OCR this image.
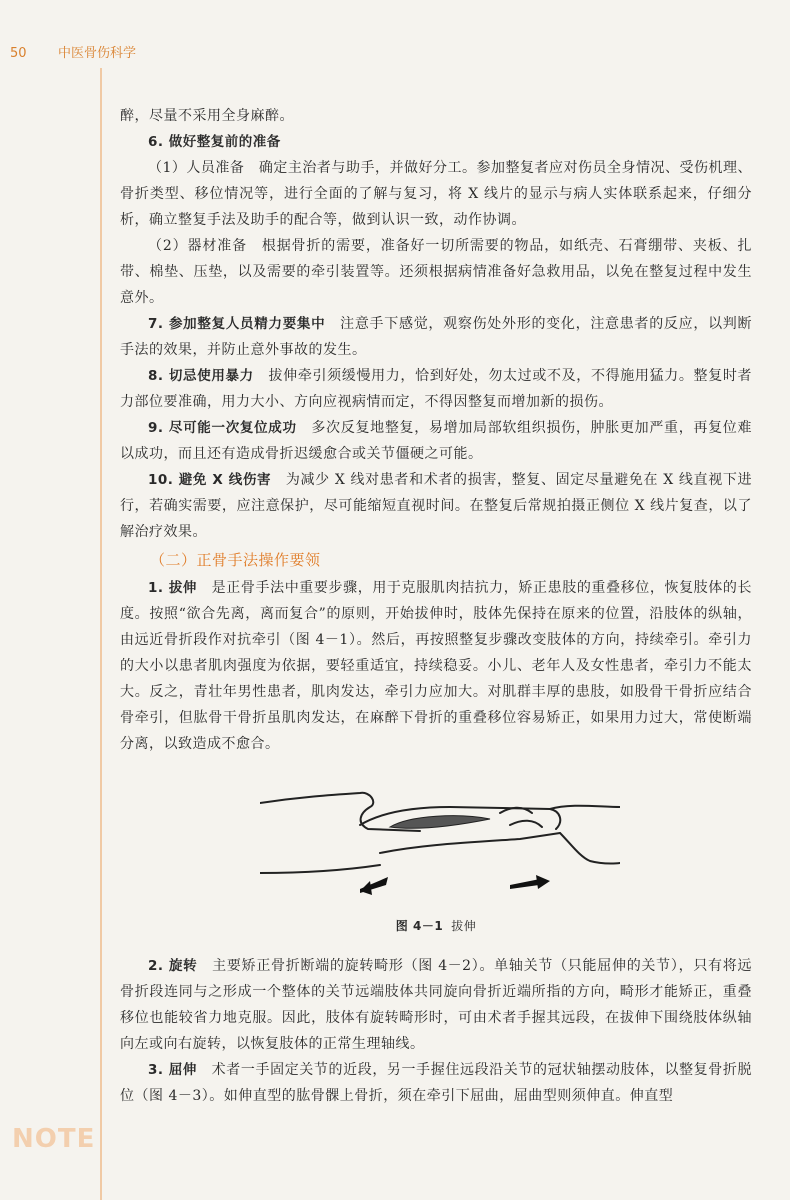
50 中医骨伤科学

醉，尽量不采用全身麻醉。

6. 做好整复前的准备

（1）人员准备　确定主治者与助手，并做好分工。参加整复者应对伤员全身情况、受伤机理、骨折类型、移位情况等，进行全面的了解与复习，将 X 线片的显示与病人实体联系起来，仔细分析，确立整复手法及助手的配合等，做到认识一致，动作协调。

（2）器材准备　根据骨折的需要，准备好一切所需要的物品，如纸壳、石膏绷带、夹板、扎带、棉垫、压垫，以及需要的牵引装置等。还须根据病情准备好急救用品，以免在整复过程中发生意外。

7. 参加整复人员精力要集中　 注意手下感觉，观察伤处外形的变化，注意患者的反应，以判断手法的效果，并防止意外事故的发生。

8. 切忌使用暴力　 拔伸牵引须缓慢用力，恰到好处，勿太过或不及，不得施用猛力。整复时者力部位要准确，用力大小、方向应视病情而定，不得因整复而增加新的损伤。

9. 尽可能一次复位成功　 多次反复地整复，易增加局部软组织损伤，肿胀更加严重，再复位难以成功，而且还有造成骨折迟缓愈合或关节僵硬之可能。

10. 避免 X 线伤害　 为减少 X 线对患者和术者的损害，整复、固定尽量避免在 X 线直视下进行，若确实需要，应注意保护，尽可能缩短直视时间。在整复后常规拍摄正侧位 X 线片复查，以了解治疗效果。

（二）正骨手法操作要领

1. 拔伸　 是正骨手法中重要步骤，用于克服肌肉拮抗力，矫正患肢的重叠移位，恢复肢体的长度。按照“欲合先离，离而复合”的原则，开始拔伸时，肢体先保持在原来的位置，沿肢体的纵轴，由远近骨折段作对抗牵引（图 4－1）。然后，再按照整复步骤改变肢体的方向，持续牵引。牵引力的大小以患者肌肉强度为依据，要轻重适宜，持续稳妥。小儿、老年人及女性患者，牵引力不能太大。反之，青壮年男性患者，肌肉发达，牵引力应加大。对肌群丰厚的患肢，如股骨干骨折应结合骨牵引，但肱骨干骨折虽肌肉发达，在麻醉下骨折的重叠移位容易矫正，如果用力过大，常使断端分离，以致造成不愈合。

图 4－1 拔伸

2. 旋转　 主要矫正骨折断端的旋转畸形（图 4－2）。单轴关节（只能屈伸的关节），只有将远骨折段连同与之形成一个整体的关节远端肢体共同旋向骨折近端所指的方向，畸形才能矫正，重叠移位也能较省力地克服。因此，肢体有旋转畸形时，可由术者手握其远段，在拔伸下围绕肢体纵轴向左或向右旋转，以恢复肢体的正常生理轴线。

3. 屈伸　 术者一手固定关节的近段，另一手握住远段沿关节的冠状轴摆动肢体，以整复骨折脱位（图 4－3）。如伸直型的肱骨髁上骨折，须在牵引下屈曲，屈曲型则须伸直。伸直型

NOTE
